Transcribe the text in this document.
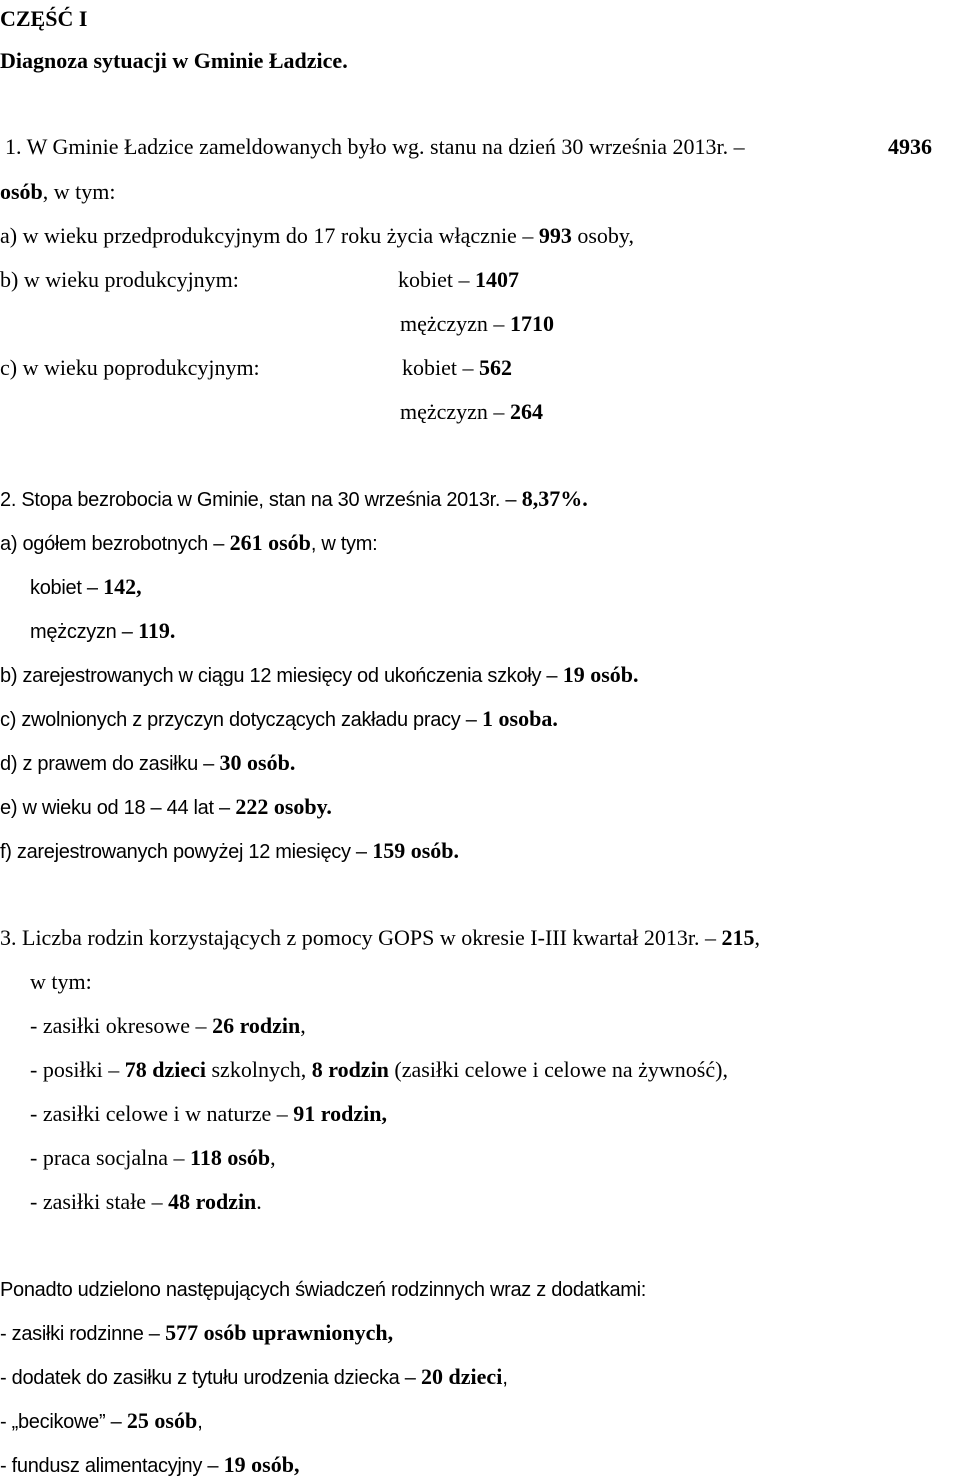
CZĘŚĆ I
Diagnoza sytuacji w Gminie Ładzice.
1. W Gminie Ładzice zameldowanych było wg. stanu na dzień 30 września 2013r. –	4936
osób, w tym:
a) w wieku przedprodukcyjnym do 17 roku życia włącznie – 993 osoby,
b) w wieku produkcyjnym:	kobiet – 1407
mężczyzn – 1710
c) w wieku poprodukcyjnym:	kobiet – 562
mężczyzn – 264
2. Stopa bezrobocia w Gminie, stan na 30 września 2013r. – 8,37%.
a) ogółem bezrobotnych – 261 osób, w tym:
kobiet – 142,
mężczyzn – 119.
b) zarejestrowanych w ciągu 12 miesięcy od ukończenia szkoły – 19 osób.
c) zwolnionych z przyczyn dotyczących zakładu pracy – 1 osoba.
d) z prawem do zasiłku – 30 osób.
e) w wieku od 18 – 44 lat – 222 osoby.
f) zarejestrowanych powyżej 12 miesięcy – 159 osób.
3. Liczba rodzin korzystających z pomocy GOPS w okresie I-III kwartał 2013r. – 215,
w tym:
- zasiłki okresowe – 26 rodzin,
- posiłki – 78 dzieci szkolnych, 8 rodzin (zasiłki celowe i celowe na żywność),
- zasiłki celowe i w naturze – 91 rodzin,
- praca socjalna – 118 osób,
- zasiłki stałe – 48 rodzin.
Ponadto udzielono następujących świadczeń rodzinnych wraz z dodatkami:
- zasiłki rodzinne – 577 osób uprawnionych,
- dodatek do zasiłku z tytułu urodzenia dziecka – 20 dzieci,
- „becikowe” – 25 osób,
- fundusz alimentacyjny – 19 osób,
